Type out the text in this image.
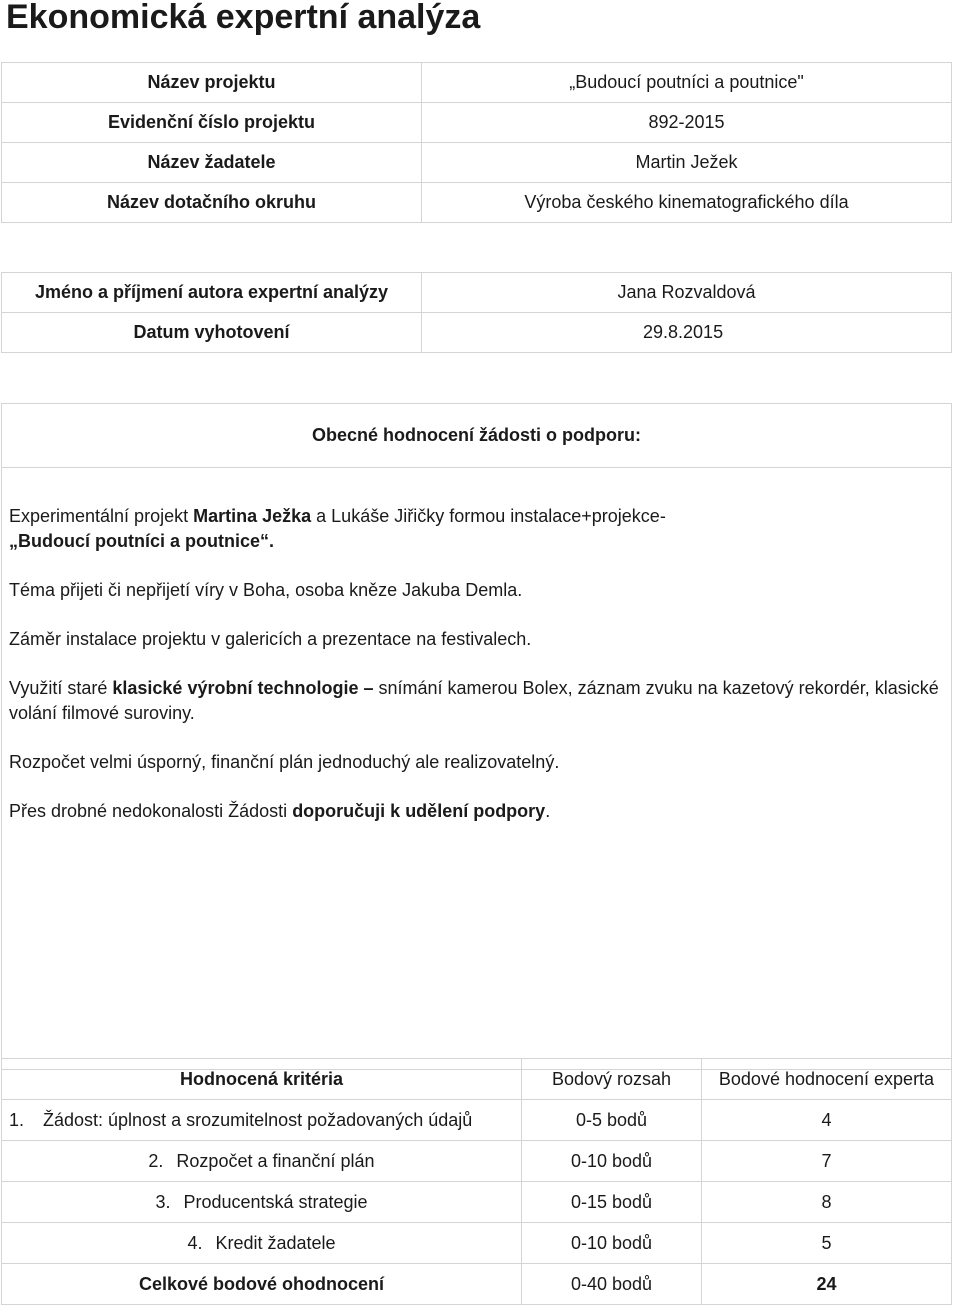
Ekonomická expertní analýza
Název projektu	„Budoucí poutníci a poutnice"
Evidenční číslo projektu	892-2015
Název žadatele	Martin Ježek
Název dotačního okruhu	Výroba českého kinematografického díla
Jméno a příjmení autora expertní analýzy	Jana Rozvaldová
Datum vyhotovení	29.8.2015
Obecné hodnocení žádosti o podporu:

Experimentální projekt Martina Ježka a Lukáše Jiřičky formou instalace+projekce-
„Budoucí poutníci a poutnice“.

Téma přijeti či nepřijetí víry v Boha, osoba kněze Jakuba Demla.

Záměr instalace projektu v galericích a prezentace na festivalech.

Využití staré klasické výrobní technologie – snímání kamerou Bolex, záznam zvuku na kazetový rekordér, klasické volání filmové suroviny.

Rozpočet velmi úsporný, finanční plán jednoduchý ale realizovatelný.

Přes drobné nedokonalosti Žádosti doporučuji k udělení podpory.

Hodnocená kritéria	Bodový rozsah	Bodové hodnocení experta
1. Žádost: úplnost a srozumitelnost požadovaných údajů	0-5 bodů	4
2. Rozpočet a finanční plán	0-10 bodů	7
3. Producentská strategie	0-15 bodů	8
4. Kredit žadatele	0-10 bodů	5
Celkové bodové ohodnocení	0-40 bodů	24
